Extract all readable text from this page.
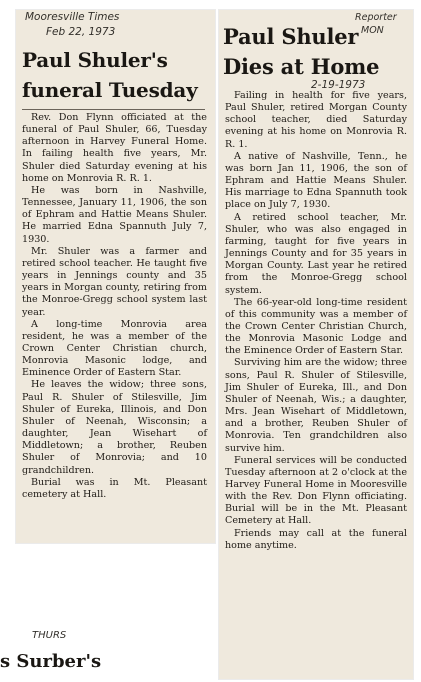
Mooresville Times
Feb 22, 1973
Paul Shuler's
funeral Tuesday

Rev. Don Flynn officiated at the funeral of Paul Shuler, 66, Tuesday afternoon in Harvey Funeral Home. In failing health five years, Mr. Shuler died Saturday evening at his home on Monrovia R. R. 1.

He was born in Nashville, Tennessee, January 11, 1906, the son of Ephram and Hattie Means Shuler. He married Edna Spannuth July 7, 1930.

Mr. Shuler was a farmer and retired school teacher. He taught five years in Jennings county and 35 years in Morgan county, retiring from the Monroe-Gregg school system last year.

A long-time Monrovia area resident, he was a member of the Crown Center Christian church, Monrovia Masonic lodge, and Eminence Order of Eastern Star.

He leaves the widow; three sons, Paul R. Shuler of Stilesville, Jim Shuler of Eureka, Illinois, and Don Shuler of Neenah, Wisconsin; a daughter, Jean Wisehart of Middletown; a brother, Reuben Shuler of Monrovia; and 10 grandchildren.

Burial was in Mt. Pleasant cemetery at Hall.

Paul Shuler
Reporter
MON
Dies at Home
2-19-1973

Failing in health for five years, Paul Shuler, retired Morgan County school teacher, died Saturday evening at his home on Monrovia R. R. 1.

A native of Nashville, Tenn., he was born Jan 11, 1906, the son of Ephram and Hattie Means Shuler. His marriage to Edna Spannuth took place on July 7, 1930.

A retired school teacher, Mr. Shuler, who was also engaged in farming, taught for five years in Jennings County and for 35 years in Morgan County. Last year he retired from the Monroe-Gregg school system.

The 66-year-old long-time resident of this community was a member of the Crown Center Christian Church, the Monrovia Masonic Lodge and the Eminence Order of Eastern Star.

Surviving him are the widow; three sons, Paul R. Shuler of Stilesville, Jim Shuler of Eureka, Ill., and Don Shuler of Neenah, Wis.; a daughter, Mrs. Jean Wisehart of Middletown, and a brother, Reuben Shuler of Monrovia. Ten grandchildren also survive him.

Funeral services will be conducted Tuesday afternoon at 2 o'clock at the Harvey Funeral Home in Mooresville with the Rev. Don Flynn officiating. Burial will be in the Mt. Pleasant Cemetery at Hall.

Friends may call at the funeral home anytime.

THURS
s Surber's
